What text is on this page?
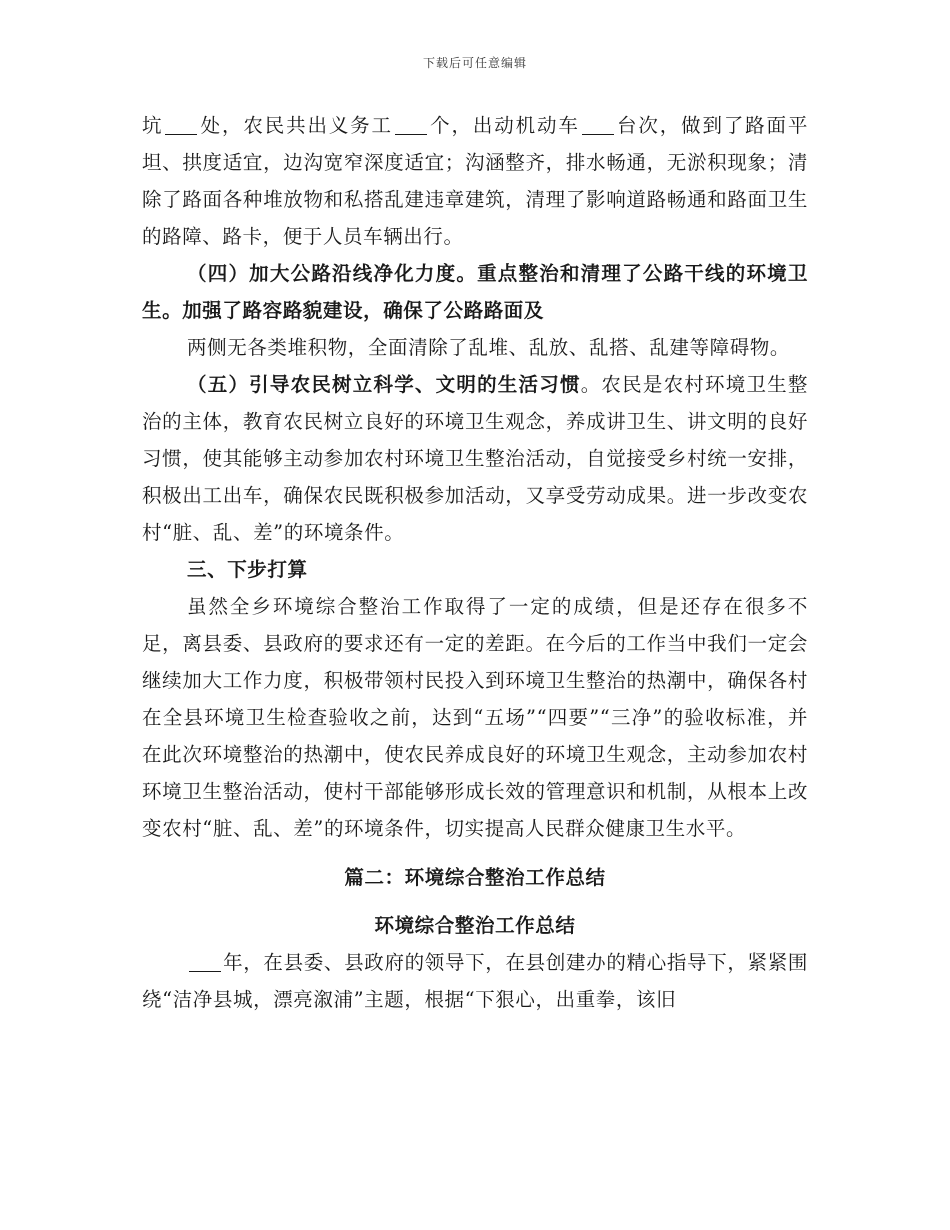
下载后可任意编辑

坑 处，农民共出义务工 个，出动机动车 台次，做到了路面平坦、拱度适宜，边沟宽窄深度适宜；沟涵整齐，排水畅通，无淤积现象；清除了路面各种堆放物和私搭乱建违章建筑，清理了影响道路畅通和路面卫生的路障、路卡，便于人员车辆出行。

（四）加大公路沿线净化力度。重点整治和清理了公路干线的环境卫生。加强了路容路貌建设，确保了公路路面及

两侧无各类堆积物，全面清除了乱堆、乱放、乱搭、乱建等障碍物。

（五）引导农民树立科学、文明的生活习惯。农民是农村环境卫生整治的主体，教育农民树立良好的环境卫生观念，养成讲卫生、讲文明的良好习惯，使其能够主动参加农村环境卫生整治活动，自觉接受乡村统一安排，积极出工出车，确保农民既积极参加活动，又享受劳动成果。进一步改变农村“脏、乱、差”的环境条件。

三、下步打算

虽然全乡环境综合整治工作取得了一定的成绩，但是还存在很多不足，离县委、县政府的要求还有一定的差距。在今后的工作当中我们一定会继续加大工作力度，积极带领村民投入到环境卫生整治的热潮中，确保各村在全县环境卫生检查验收之前，达到“五场”“四要”“三净”的验收标准，并在此次环境整治的热潮中，使农民养成良好的环境卫生观念，主动参加农村环境卫生整治活动，使村干部能够形成长效的管理意识和机制，从根本上改变农村“脏、乱、差”的环境条件，切实提高人民群众健康卫生水平。

篇二：环境综合整治工作总结

环境综合整治工作总结

年，在县委、县政府的领导下，在县创建办的精心指导下，紧紧围绕“洁净县城，漂亮溆浦”主题，根据“下狠心，出重拳，该旧
